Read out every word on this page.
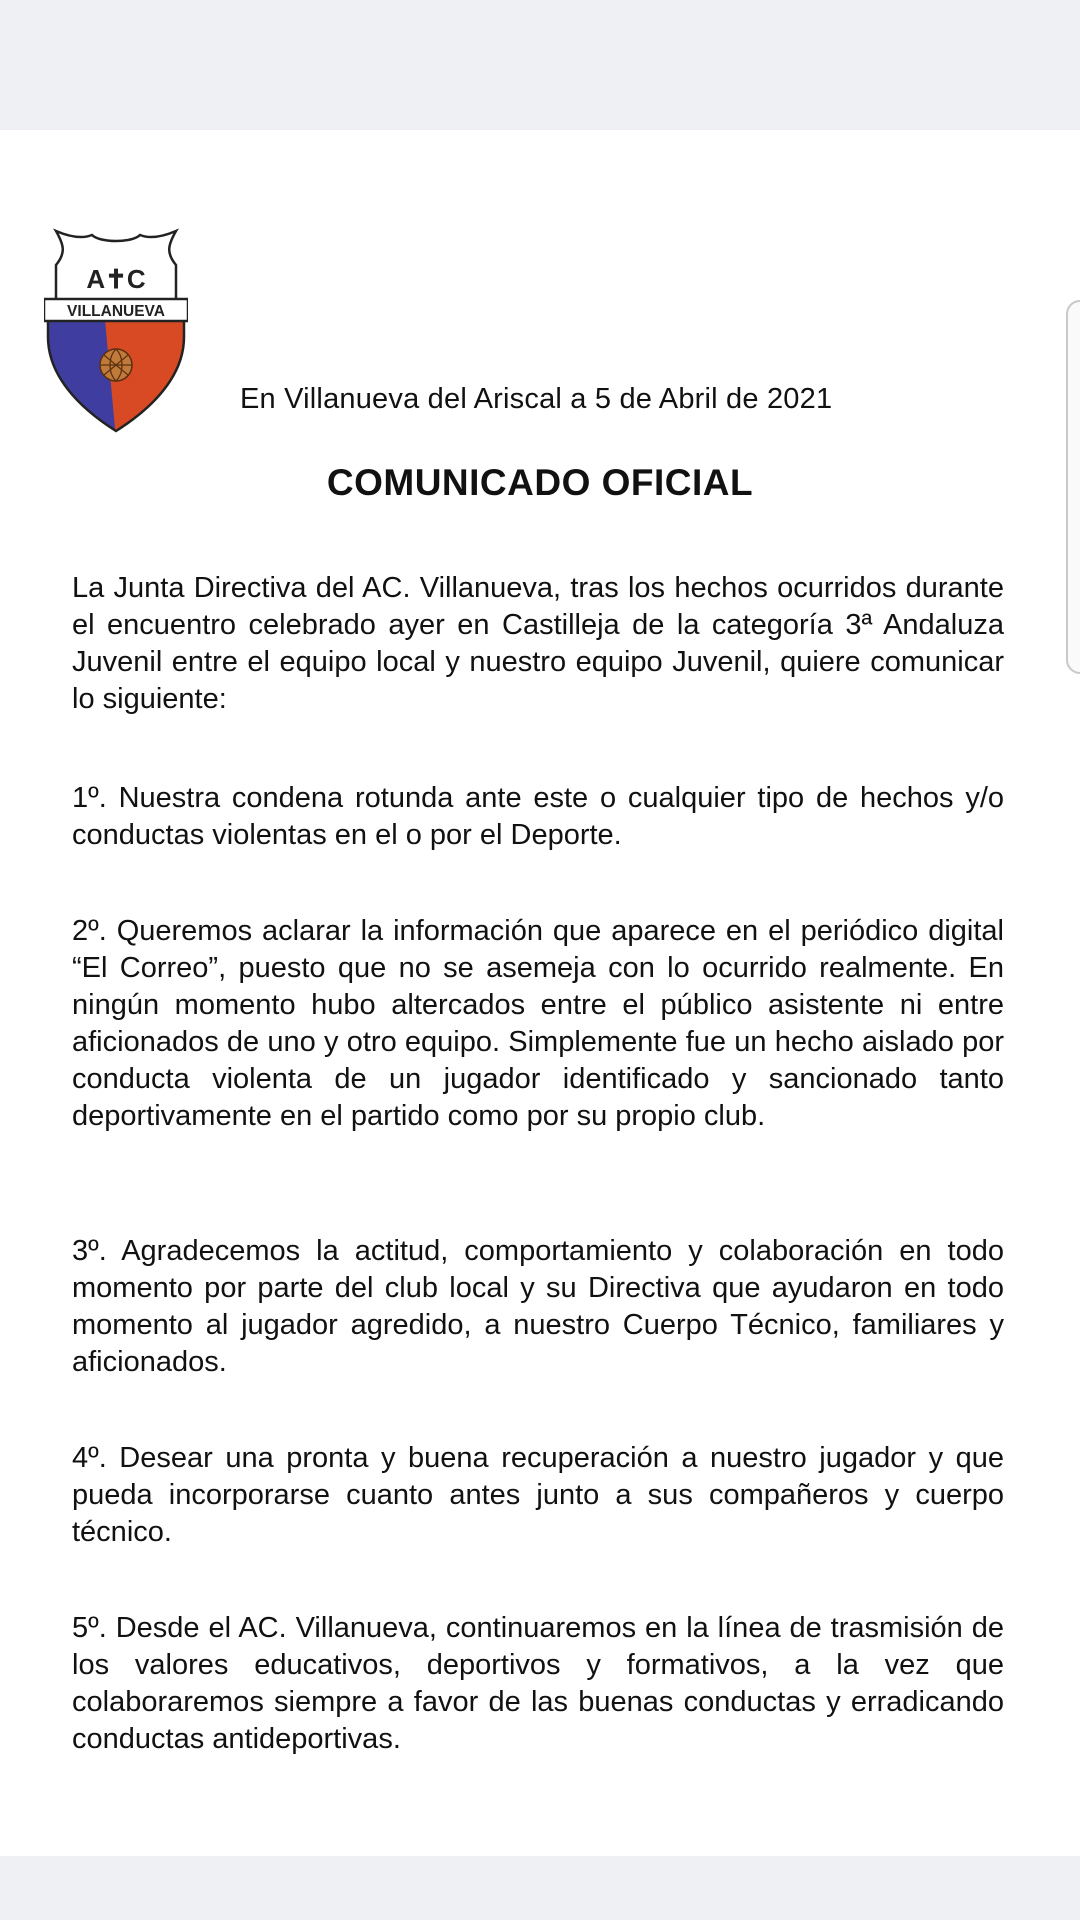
VILLANUEVA
A✝C
En Villanueva del Ariscal a 5 de Abril de 2021
COMUNICADO OFICIAL

La Junta Directiva del AC. Villanueva, tras los hechos ocurridos durante el encuentro celebrado ayer en Castilleja de la categoría 3ª Andaluza Juvenil entre el equipo local y nuestro equipo Juvenil, quiere comunicar lo siguiente:

1º. Nuestra condena rotunda ante este o cualquier tipo de hechos y/o conductas violentas en el o por el Deporte.

2º. Queremos aclarar la información que aparece en el periódico digital “El Correo”, puesto que no se asemeja con lo ocurrido realmente. En ningún momento hubo altercados entre el público asistente ni entre aficionados de uno y otro equipo. Simplemente fue un hecho aislado por conducta violenta de un jugador identificado y sancionado tanto deportivamente en el partido como por su propio club.

3º. Agradecemos la actitud, comportamiento y colaboración en todo momento por parte del club local y su Directiva que ayudaron en todo momento al jugador agredido, a nuestro Cuerpo Técnico, familiares y aficionados.

4º. Desear una pronta y buena recuperación a nuestro jugador y que pueda incorporarse cuanto antes junto a sus compañeros y cuerpo técnico.

5º. Desde el AC. Villanueva, continuaremos en la línea de trasmisión de los valores educativos, deportivos y formativos, a la vez que colaboraremos siempre a favor de las buenas conductas y erradicando conductas antideportivas.
